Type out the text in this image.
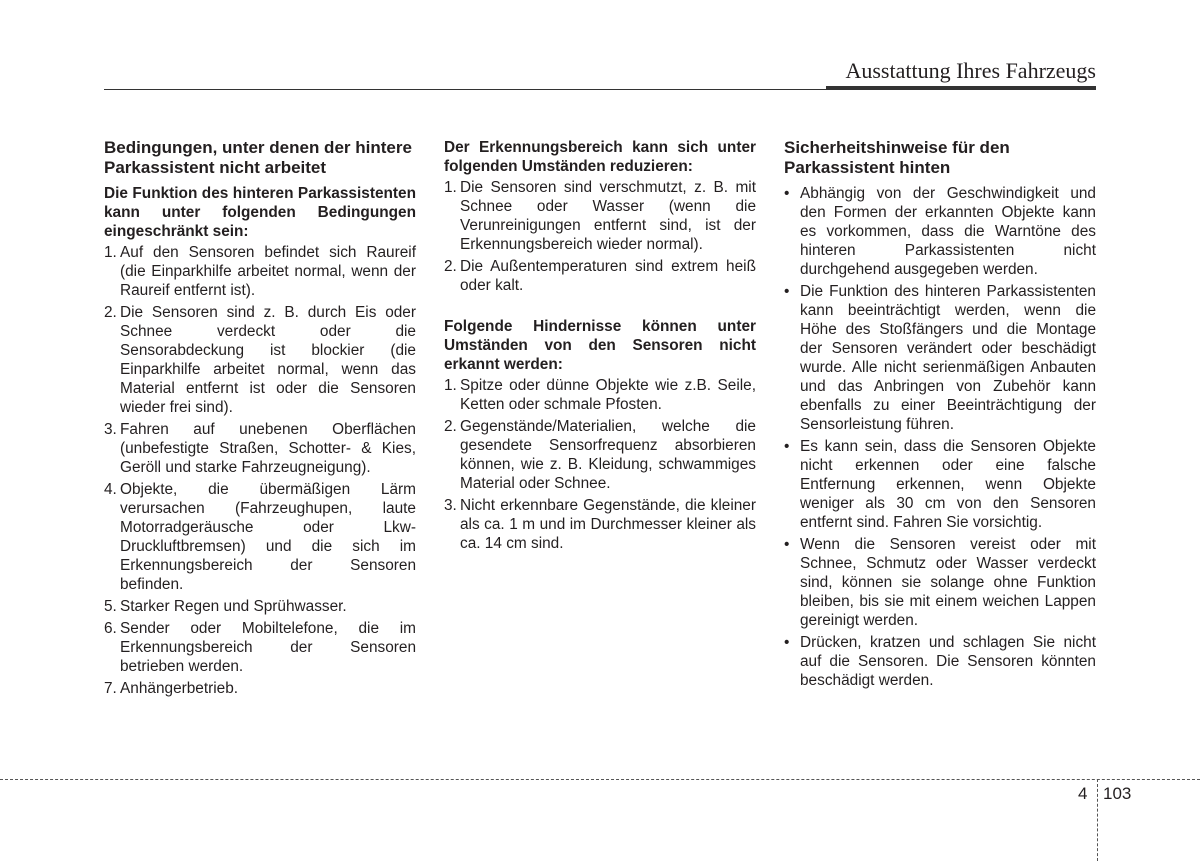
Ausstattung Ihres Fahrzeugs
Bedingungen, unter denen der hintere Parkassistent nicht arbeitet
Die Funktion des hinteren Parkassistenten kann unter folgenden Bedingungen eingeschränkt sein:
1. Auf den Sensoren befindet sich Raureif (die Einparkhilfe arbeitet normal, wenn der Raureif entfernt ist).
2. Die Sensoren sind z. B. durch Eis oder Schnee verdeckt oder die Sensorabdeckung ist blockier (die Einparkhilfe arbeitet normal, wenn das Material entfernt ist oder die Sensoren wieder frei sind).
3. Fahren auf unebenen Oberflächen (unbefestigte Straßen, Schotter- & Kies, Geröll und starke Fahrzeugneigung).
4. Objekte, die übermäßigen Lärm verursachen (Fahrzeughupen, laute Motorradgeräusche oder Lkw-Druckluftbremsen) und die sich im Erkennungsbereich der Sensoren befinden.
5. Starker Regen und Sprühwasser.
6. Sender oder Mobiltelefone, die im Erkennungsbereich der Sensoren betrieben werden.
7. Anhängerbetrieb.
Der Erkennungsbereich kann sich unter folgenden Umständen reduzieren:
1. Die Sensoren sind verschmutzt, z. B. mit Schnee oder Wasser (wenn die Verunreinigungen entfernt sind, ist der Erkennungsbereich wieder normal).
2. Die Außentemperaturen sind extrem heiß oder kalt.
Folgende Hindernisse können unter Umständen von den Sensoren nicht erkannt werden:
1. Spitze oder dünne Objekte wie z.B. Seile, Ketten oder schmale Pfosten.
2. Gegenstände/Materialien, welche die gesendete Sensorfrequenz absorbieren können, wie z. B. Kleidung, schwammiges Material oder Schnee.
3. Nicht erkennbare Gegenstände, die kleiner als ca. 1 m und im Durchmesser kleiner als ca. 14 cm sind.
Sicherheitshinweise für den Parkassistent hinten
• Abhängig von der Geschwindigkeit und den Formen der erkannten Objekte kann es vorkommen, dass die Warntöne des hinteren Parkassistenten nicht durchgehend ausgegeben werden.
• Die Funktion des hinteren Parkassistenten kann beeinträchtigt werden, wenn die Höhe des Stoßfängers und die Montage der Sensoren verändert oder beschädigt wurde. Alle nicht serienmäßigen Anbauten und das Anbringen von Zubehör kann ebenfalls zu einer Beeinträchtigung der Sensorleistung führen.
• Es kann sein, dass die Sensoren Objekte nicht erkennen oder eine falsche Entfernung erkennen, wenn Objekte weniger als 30 cm von den Sensoren entfernt sind. Fahren Sie vorsichtig.
• Wenn die Sensoren vereist oder mit Schnee, Schmutz oder Wasser verdeckt sind, können sie solange ohne Funktion bleiben, bis sie mit einem weichen Lappen gereinigt werden.
• Drücken, kratzen und schlagen Sie nicht auf die Sensoren. Die Sensoren könnten beschädigt werden.
4 103
